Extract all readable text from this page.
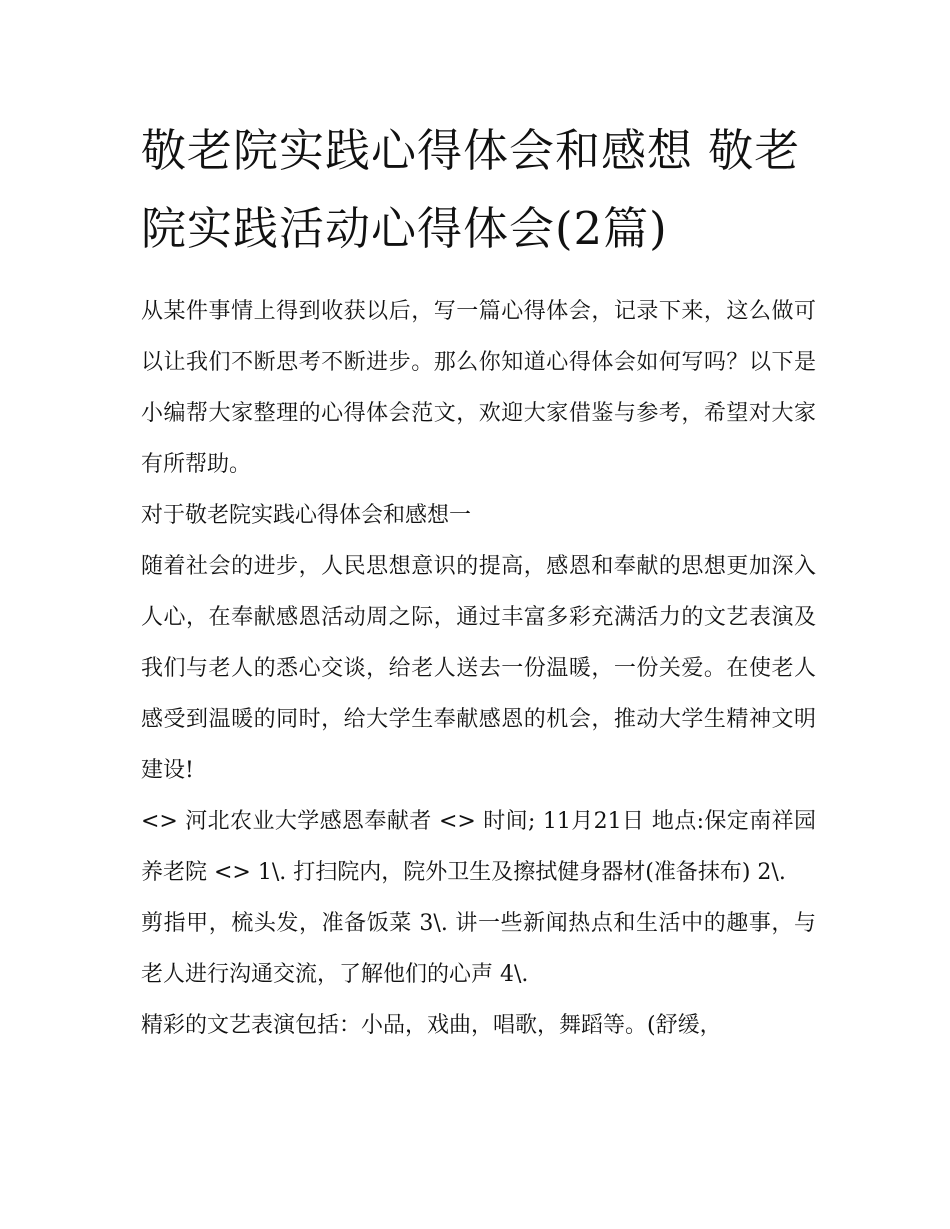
敬老院实践心得体会和感想 敬老院实践活动心得体会(2篇)

从某件事情上得到收获以后，写一篇心得体会，记录下来，这么做可以让我们不断思考不断进步。那么你知道心得体会如何写吗？以下是小编帮大家整理的心得体会范文，欢迎大家借鉴与参考，希望对大家有所帮助。

对于敬老院实践心得体会和感想一

随着社会的进步，人民思想意识的提高，感恩和奉献的思想更加深入人心，在奉献感恩活动周之际，通过丰富多彩充满活力的文艺表演及我们与老人的悉心交谈，给老人送去一份温暖，一份关爱。在使老人感受到温暖的同时，给大学生奉献感恩的机会，推动大学生精神文明建设!

<> 河北农业大学感恩奉献者 <> 时间; 11月21日 地点:保定南祥园养老院 <> 1\. 打扫院内，院外卫生及擦拭健身器材(准备抹布) 2\.

剪指甲，梳头发，准备饭菜 3\. 讲一些新闻热点和生活中的趣事，与老人进行沟通交流，了解他们的心声 4\.

精彩的文艺表演包括：小品，戏曲，唱歌，舞蹈等。(舒缓，
